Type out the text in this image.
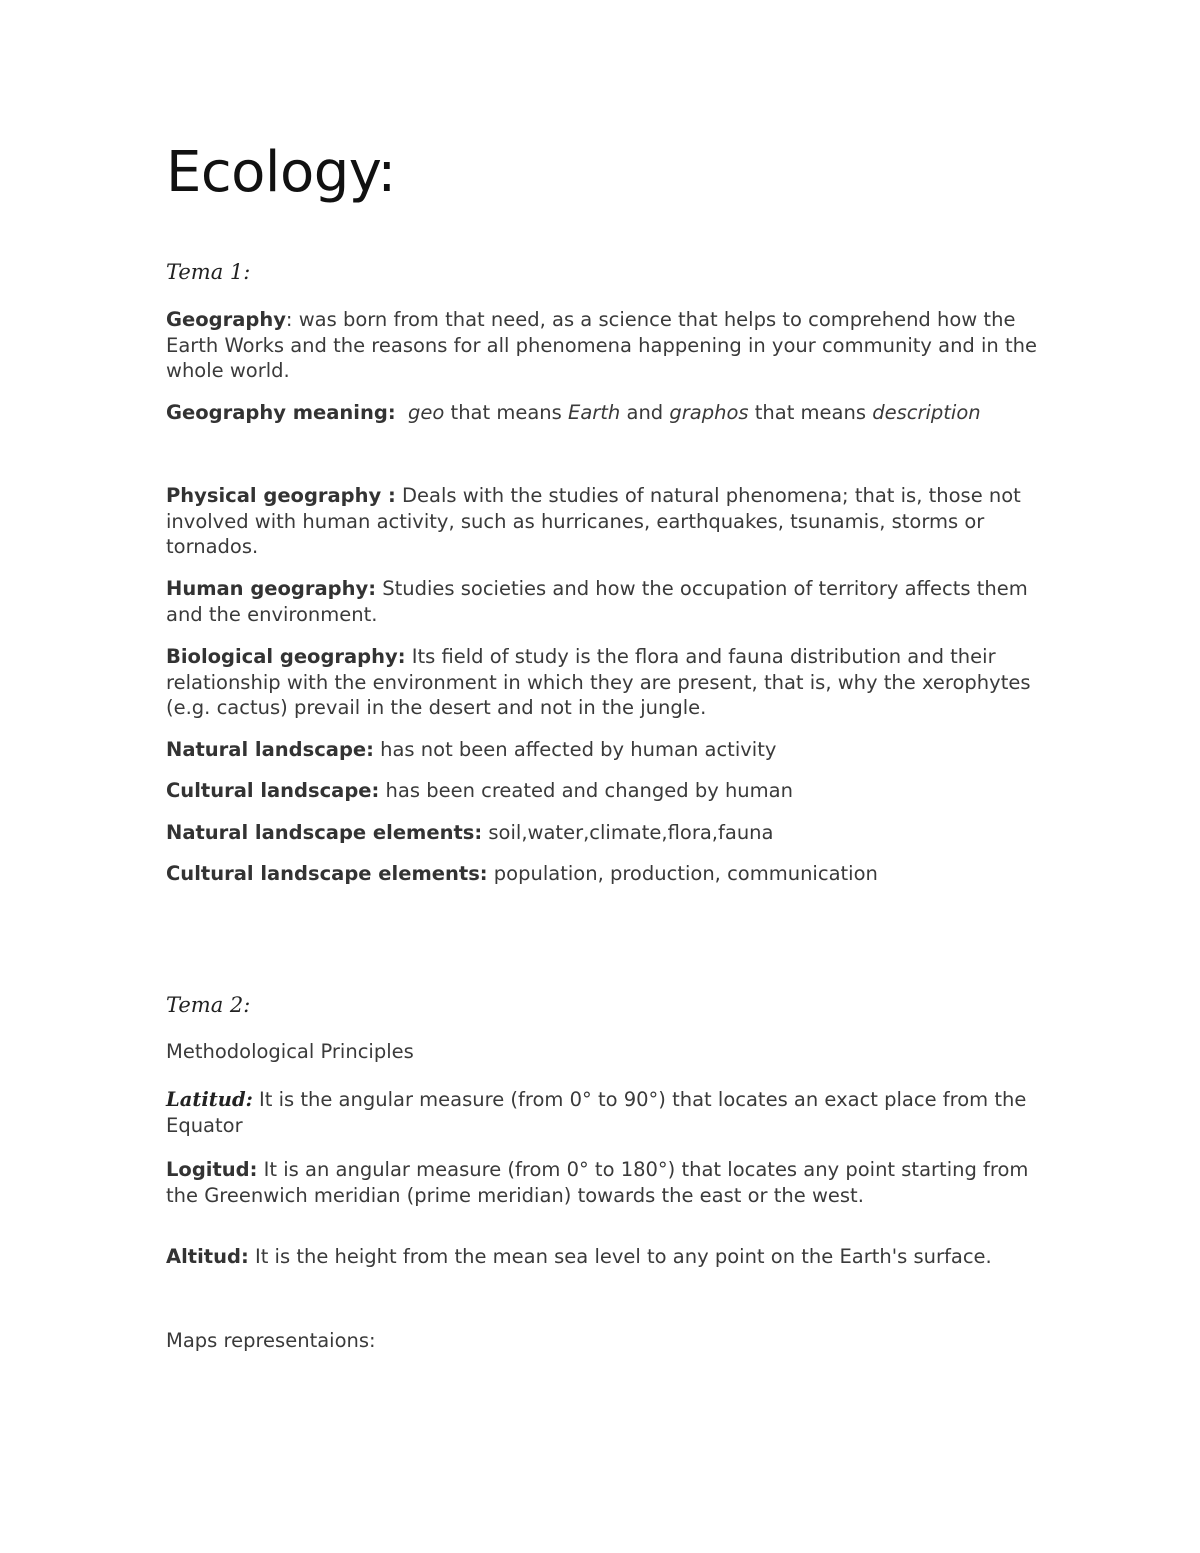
Ecology:
Tema 1:
Geography: was born from that need, as a science that helps to comprehend how the Earth Works and the reasons for all phenomena happening in your community and in the whole world.
Geography meaning: geo that means Earth and graphos that means description
Physical geography : Deals with the studies of natural phenomena; that is, those not involved with human activity, such as hurricanes, earthquakes, tsunamis, storms or tornados.
Human geography: Studies societies and how the occupation of territory affects them and the environment.
Biological geography: Its field of study is the flora and fauna distribution and their relationship with the environment in which they are present, that is, why the xerophytes (e.g. cactus) prevail in the desert and not in the jungle.
Natural landscape: has not been affected by human activity
Cultural landscape: has been created and changed by human
Natural landscape elements: soil,water,climate,flora,fauna
Cultural landscape elements: population, production, communication
Tema 2:
Methodological Principles
Latitud: It is the angular measure (from 0° to 90°) that locates an exact place from the Equator
Logitud: It is an angular measure (from 0° to 180°) that locates any point starting from the Greenwich meridian (prime meridian) towards the east or the west.
Altitud: It is the height from the mean sea level to any point on the Earth's surface.
Maps representaions:
